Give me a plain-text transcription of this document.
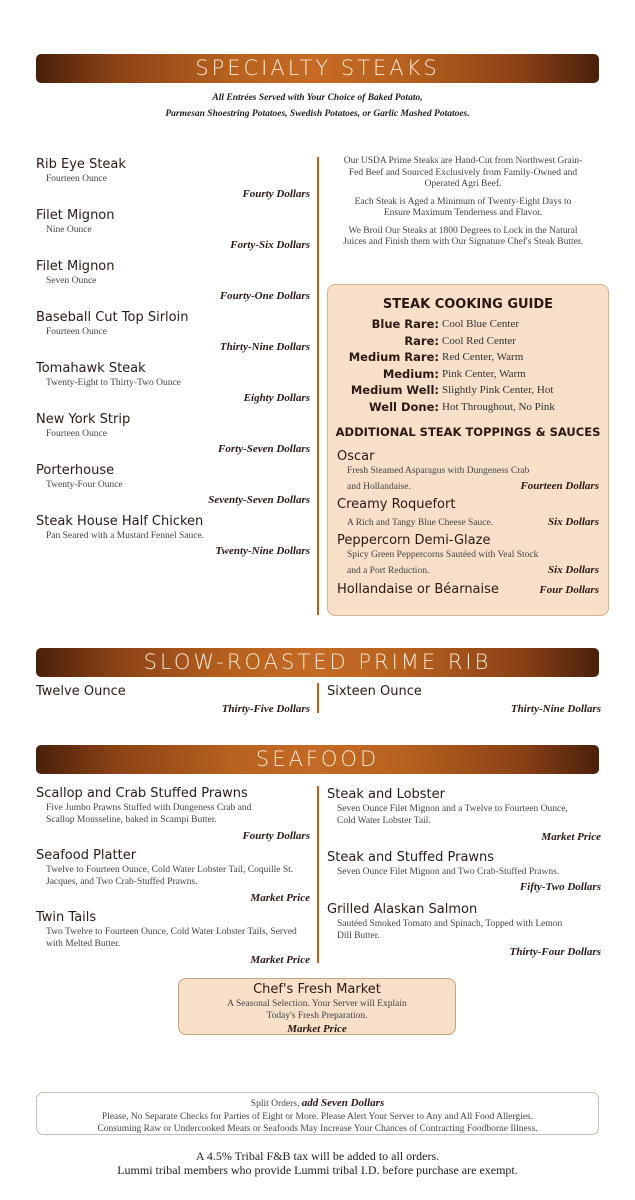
SPECIALTY STEAKS
All Entrées Served with Your Choice of Baked Potato,
Parmesan Shoestring Potatoes, Swedish Potatoes, or Garlic Mashed Potatoes.
Rib Eye Steak
Fourteen Ounce
Fourty Dollars
Filet Mignon
Nine Ounce
Forty-Six Dollars
Filet Mignon
Seven Ounce
Fourty-One Dollars
Baseball Cut Top Sirloin
Fourteen Ounce
Thirty-Nine Dollars
Tomahawk Steak
Twenty-Eight to Thirty-Two Ounce
Eighty Dollars
New York Strip
Fourteen Ounce
Forty-Seven Dollars
Porterhouse
Twenty-Four Ounce
Seventy-Seven Dollars
Steak House Half Chicken
Pan Seared with a Mustard Fennel Sauce.
Twenty-Nine Dollars
Our USDA Prime Steaks are Hand-Cut from Northwest Grain-Fed Beef and Sourced Exclusively from Family-Owned and Operated Agri Beef.
Each Steak is Aged a Minimum of Twenty-Eight Days to Ensure Maximum Tenderness and Flavor.
We Broil Our Steaks at 1800 Degrees to Lock in the Natural Juices and Finish them with Our Signature Chef's Steak Butter.
STEAK COOKING GUIDE
Blue Rare: Cool Blue Center
Rare: Cool Red Center
Medium Rare: Red Center, Warm
Medium: Pink Center, Warm
Medium Well: Slightly Pink Center, Hot
Well Done: Hot Throughout, No Pink
ADDITIONAL STEAK TOPPINGS & SAUCES
Oscar
Fresh Steamed Asparagus with Dungeness Crab
and Hollandaise.	Fourteen Dollars
Creamy Roquefort
A Rich and Tangy Blue Cheese Sauce.	Six Dollars
Peppercorn Demi-Glaze
Spicy Green Peppercorns Sautéed with Veal Stock
and a Port Reduction.	Six Dollars
Hollandaise or Béarnaise	Four Dollars
SLOW-ROASTED PRIME RIB
Twelve Ounce
Thirty-Five Dollars
Sixteen Ounce
Thirty-Nine Dollars
SEAFOOD
Scallop and Crab Stuffed Prawns
Five Jumbo Prawns Stuffed with Dungeness Crab and Scallop Mousseline, baked in Scampi Butter.
Fourty Dollars
Seafood Platter
Twelve to Fourteen Ounce, Cold Water Lobster Tail, Coquille St. Jacques, and Two Crab-Stuffed Prawns.
Market Price
Twin Tails
Two Twelve to Fourteen Ounce, Cold Water Lobster Tails, Served with Melted Butter.
Market Price
Steak and Lobster
Seven Ounce Filet Mignon and a Twelve to Fourteen Ounce, Cold Water Lobster Tail.
Market Price
Steak and Stuffed Prawns
Seven Ounce Filet Mignon and Two Crab-Stuffed Prawns.
Fifty-Two Dollars
Grilled Alaskan Salmon
Sautéed Smoked Tomato and Spinach, Topped with Lemon Dill Butter.
Thirty-Four Dollars
Chef's Fresh Market
A Seasonal Selection. Your Server will Explain
Today's Fresh Preparation.
Market Price
Split Orders, add Seven Dollars
Please, No Separate Checks for Parties of Eight or More. Please Alert Your Server to Any and All Food Allergies.
Consuming Raw or Undercooked Meats or Seafoods May Increase Your Chances of Contracting Foodborne Illness.
A 4.5% Tribal F&B tax will be added to all orders.
Lummi tribal members who provide Lummi tribal I.D. before purchase are exempt.
